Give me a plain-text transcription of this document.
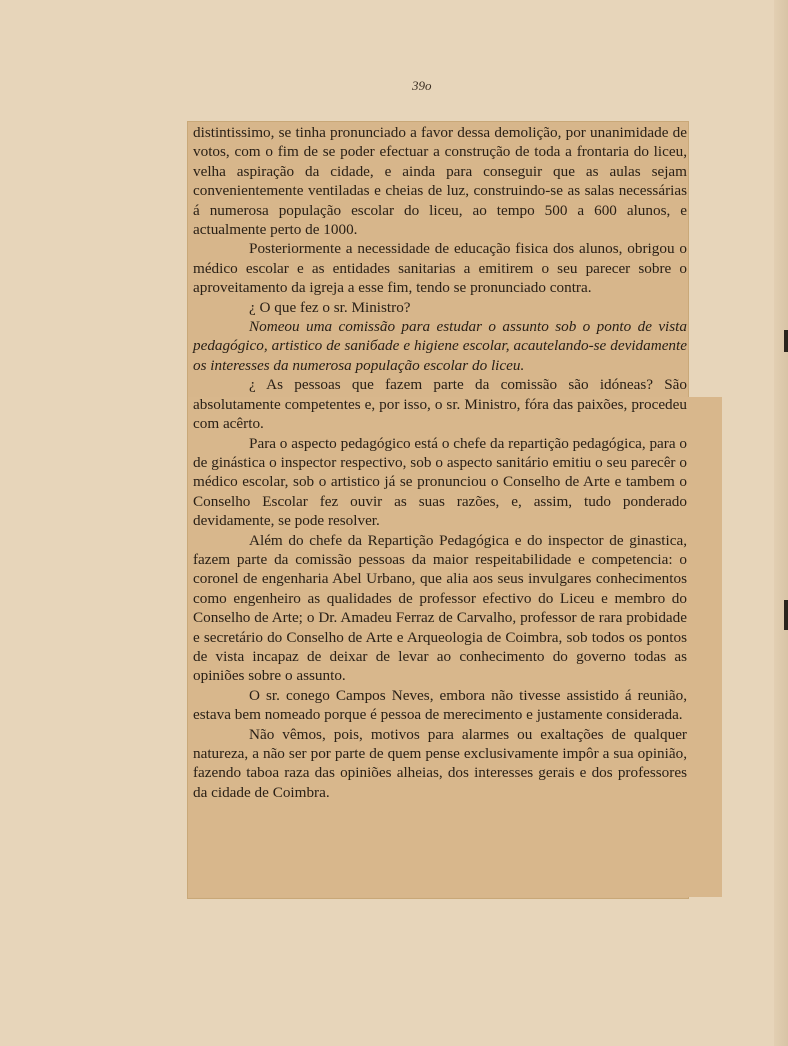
39o

distintissimo, se tinha pronunciado a favor dessa demolição, por unanimidade de votos, com o fim de se poder efectuar a construção de toda a frontaria do liceu, velha aspiração da cidade, e ainda para conseguir que as aulas sejam convenientemente ventiladas e cheias de luz, construindo-se as salas necessárias á numerosa população escolar do liceu, ao tempo 500 a 600 alunos, e actualmente perto de 1000.

Posteriormente a necessidade de educação fisica dos alunos, obrigou o médico escolar e as entidades sanitarias a emitirem o seu parecer sobre o aproveitamento da igreja a esse fim, tendo se pronunciado contra.

¿ O que fez o sr. Ministro?

Nomeou uma comissão para estudar o assunto sob o ponto de vista pedagógico, artistico de saniбade e higiene escolar, acautelando-se devidamente os interesses da numerosa população escolar do liceu.

¿ As pessoas que fazem parte da comissão são idóneas? São absolutamente competentes e, por isso, o sr. Ministro, fóra das paixões, procedeu com acêrto.

Para o aspecto pedagógico está o chefe da repartição pedagógica, para o de ginástica o inspector respectivo, sob o aspecto sanitário emitiu o seu parecêr o médico escolar, sob o artistico já se pronunciou o Conselho de Arte e tambem o Conselho Escolar fez ouvir as suas razões, e, assim, tudo ponderado devidamente, se pode resolver.

Além do chefe da Repartição Pedagógica e do inspector de ginastica, fazem parte da comissão pessoas da maior respeitabilidade e competencia: o coronel de engenharia Abel Urbano, que alia aos seus invulgares conhecimentos como engenheiro as qualidades de professor efectivo do Liceu e membro do Conselho de Arte; o Dr. Amadeu Ferraz de Carvalho, professor de rara probidade e secretário do Conselho de Arte e Arqueologia de Coimbra, sob todos os pontos de vista incapaz de deixar de levar ao conhecimento do governo todas as opiniões sobre o assunto.

O sr. conego Campos Neves, embora não tivesse assistido á reunião, estava bem nomeado porque é pessoa de merecimento e justamente considerada.

Não vêmos, pois, motivos para alarmes ou exaltações de qualquer natureza, a não ser por parte de quem pense exclusivamente impôr a sua opinião, fazendo taboa raza das opiniões alheias, dos interesses gerais e dos professores da cidade de Coimbra.
